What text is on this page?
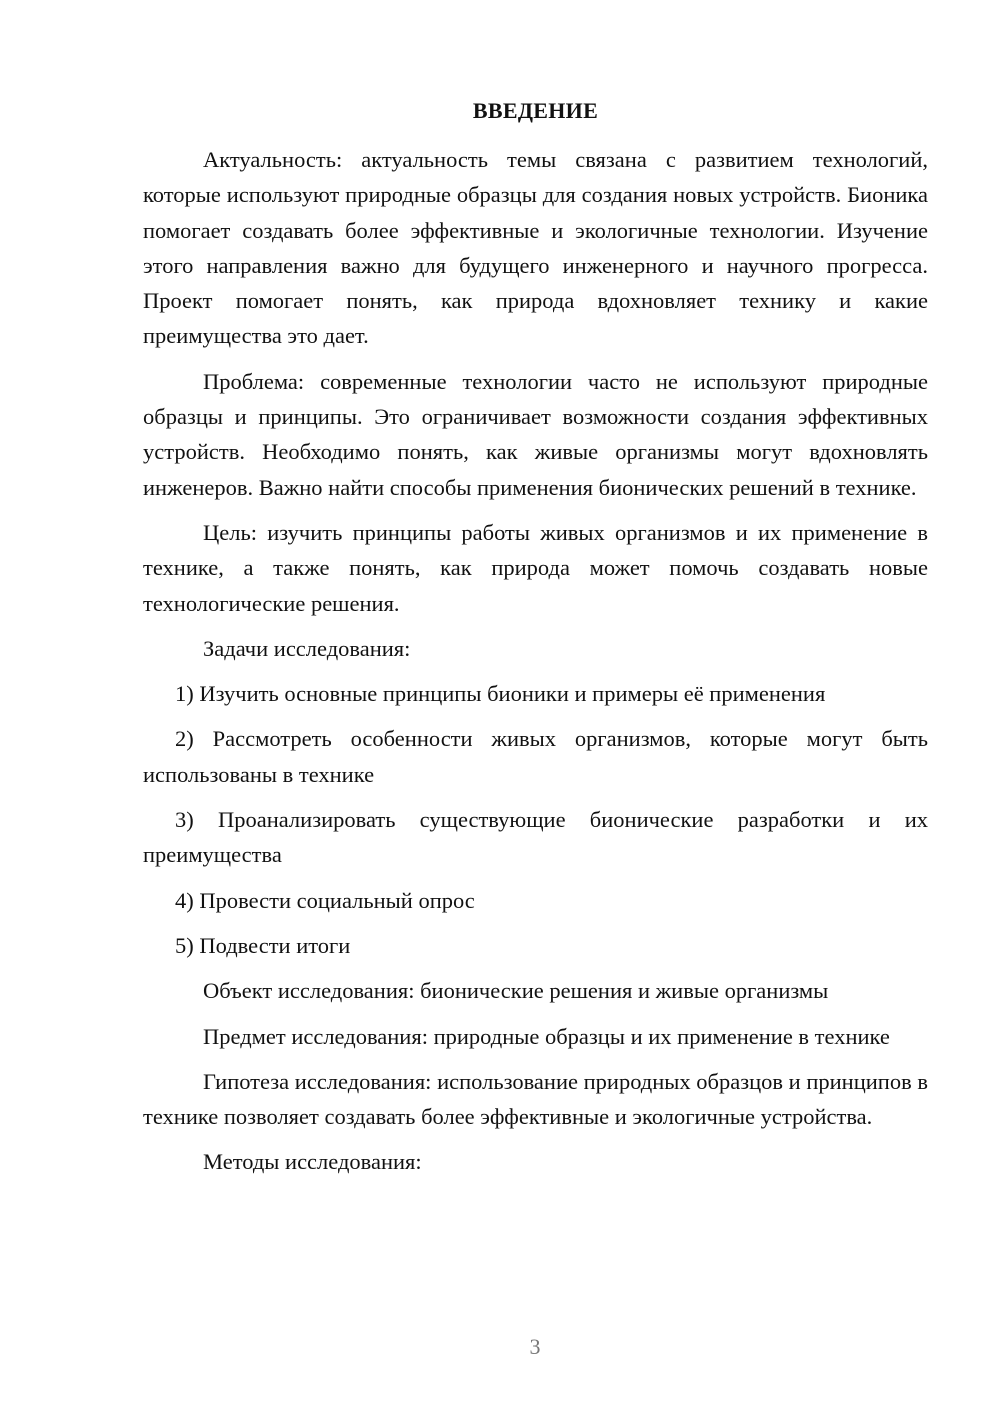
ВВЕДЕНИЕ

Актуальность: актуальность темы связана с развитием технологий, которые используют природные образцы для создания новых устройств. Бионика помогает создавать более эффективные и экологичные технологии. Изучение этого направления важно для будущего инженерного и научного прогресса. Проект помогает понять, как природа вдохновляет технику и какие преимущества это дает.

Проблема: современные технологии часто не используют природные образцы и принципы. Это ограничивает возможности создания эффективных устройств. Необходимо понять, как живые организмы могут вдохновлять инженеров. Важно найти способы применения бионических решений в технике.

Цель: изучить принципы работы живых организмов и их применение в технике, а также понять, как природа может помочь создавать новые технологические решения.

Задачи исследования:

1) Изучить основные принципы бионики и примеры её применения

2) Рассмотреть особенности живых организмов, которые могут быть использованы в технике

3) Проанализировать существующие бионические разработки и их преимущества

4) Провести социальный опрос

5) Подвести итоги

Объект исследования: бионические решения и живые организмы

Предмет исследования: природные образцы и их применение в технике

Гипотеза исследования: использование природных образцов и принципов в технике позволяет создавать более эффективные и экологичные устройства.

Методы исследования:

3
